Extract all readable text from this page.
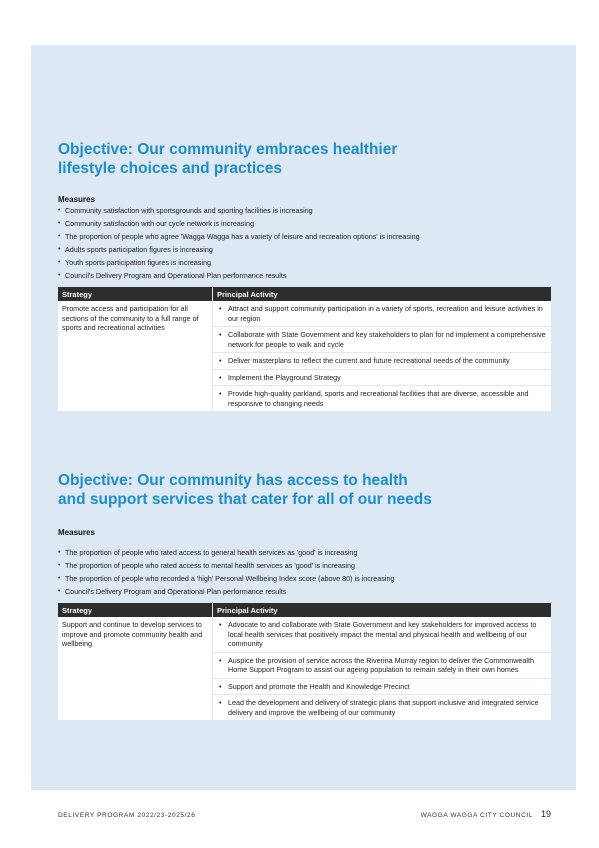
Objective: Our community embraces healthier
lifestyle choices and practices

Measures

• Community satisfaction with sportsgrounds and sporting facilities is increasing
• Community satisfaction with our cycle network is increasing
• The proportion of people who agree 'Wagga Wagga has a variety of leisure and recreation options' is increasing
• Adults sports participation figures is increasing
• Youth sports participation figures is increasing
• Council's Delivery Program and Operational Plan performance results
Strategy	Principal Activity
Promote access and participation for all sections of the community to a full range of sports and recreational activities	• Attract and support community participation in a variety of sports, recreation and leisure activities in our region
• Collaborate with State Government and key stakeholders to plan for nd implement a comprehensive network for people to walk and cycle
• Deliver masterplans to reflect the current and future recreational needs of the community
• Implement the Playground Strategy
• Provide high-quality parkland, sports and recreational facilities that are diverse, accessible and responsive to changing needs
Objective: Our community has access to health
and support services that cater for all of our needs

Measures

• The proportion of people who rated access to general health services as 'good' is increasing
• The proportion of people who rated access to mental health services as 'good' is increasing
• The proportion of people who recorded a 'high' Personal Wellbeing Index score (above 80) is increasing
• Council's Delivery Program and Operational Plan performance results
Strategy	Principal Activity
Support and continue to develop services to improve and promote community health and wellbeing	• Advocate to and collaborate with State Government and key stakeholders for improved access to local health services that positively impact the mental and physical health and wellbeing of our community
• Auspice the provision of service across the Riverina Murray region to deliver the Commonwealth Home Support Program to assist our ageing population to remain safely in their own homes
• Support and promote the Health and Knowledge Precinct
• Lead the development and delivery of strategic plans that support inclusive and integrated service delivery and improve the wellbeing of our community
DELIVERY PROGRAM 2022/23-2025/26	WAGGA WAGGA CITY COUNCIL 19
